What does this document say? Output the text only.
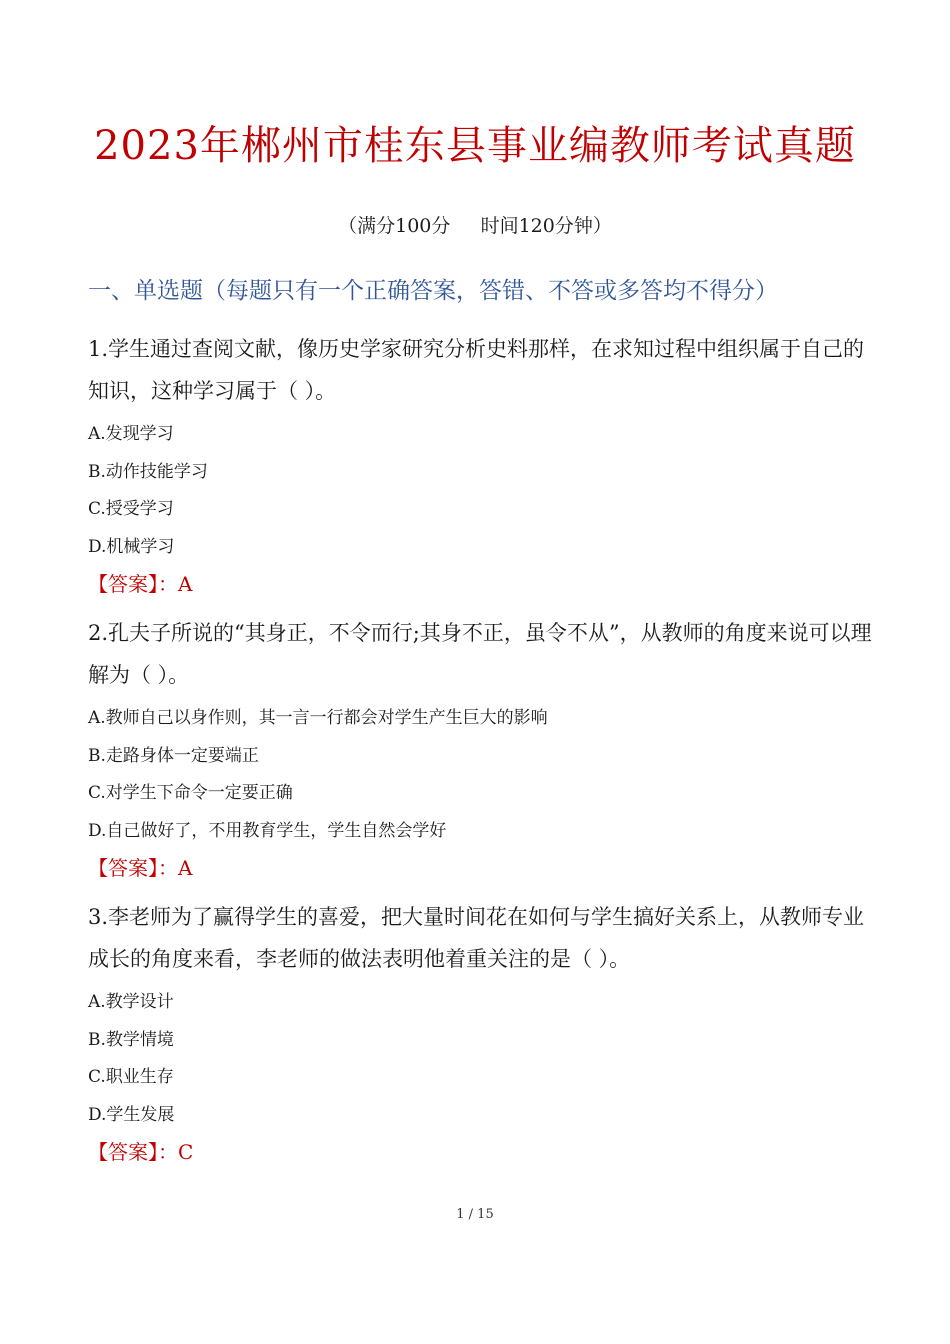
2023年郴州市桂东县事业编教师考试真题
（满分100分     时间120分钟）
一、单选题（每题只有一个正确答案，答错、不答或多答均不得分）

1.学生通过查阅文献，像历史学家研究分析史料那样，在求知过程中组织属于自己的知识，这种学习属于（ ）。

A.发现学习

B.动作技能学习

C.授受学习

D.机械学习

【答案】：A

2.孔夫子所说的“其身正，不令而行;其身不正，虽令不从”，从教师的角度来说可以理解为（ ）。

A.教师自己以身作则，其一言一行都会对学生产生巨大的影响

B.走路身体一定要端正

C.对学生下命令一定要正确

D.自己做好了，不用教育学生，学生自然会学好

【答案】：A

3.李老师为了赢得学生的喜爱，把大量时间花在如何与学生搞好关系上，从教师专业成长的角度来看，李老师的做法表明他着重关注的是（ ）。

A.教学设计

B.教学情境

C.职业生存

D.学生发展

【答案】：C

1 / 15
